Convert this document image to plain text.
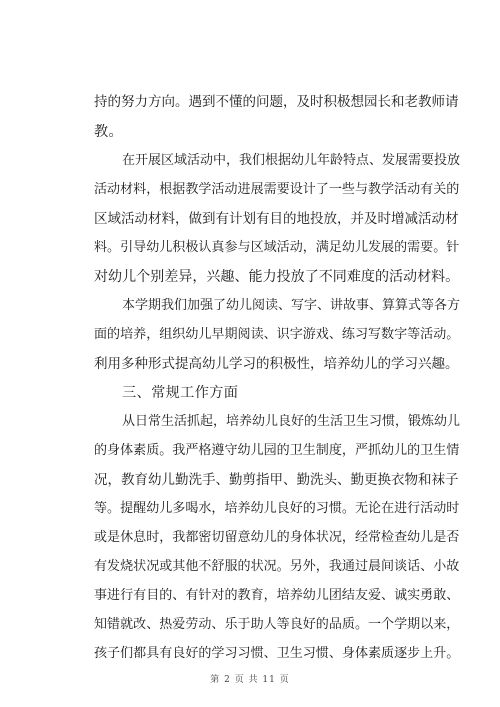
持的努力方向。遇到不懂的问题，及时积极想园长和老教师请
教。
在开展区域活动中，我们根据幼儿年龄特点、发展需要投放
活动材料，根据教学活动进展需要设计了一些与教学活动有关的
区域活动材料，做到有计划有目的地投放，并及时增减活动材
料。引导幼儿积极认真参与区域活动，满足幼儿发展的需要。针
对幼儿个别差异，兴趣、能力投放了不同难度的活动材料。
本学期我们加强了幼儿阅读、写字、讲故事、算算式等各方
面的培养，组织幼儿早期阅读、识字游戏、练习写数字等活动。
利用多种形式提高幼儿学习的积极性，培养幼儿的学习兴趣。
三、常规工作方面
从日常生活抓起，培养幼儿良好的生活卫生习惯，锻炼幼儿
的身体素质。我严格遵守幼儿园的卫生制度，严抓幼儿的卫生情
况，教育幼儿勤洗手、勤剪指甲、勤洗头、勤更换衣物和袜子
等。提醒幼儿多喝水，培养幼儿良好的习惯。无论在进行活动时
或是休息时，我都密切留意幼儿的身体状况，经常检查幼儿是否
有发烧状况或其他不舒服的状况。另外，我通过晨间谈话、小故
事进行有目的、有针对的教育，培养幼儿团结友爱、诚实勇敢、
知错就改、热爱劳动、乐于助人等良好的品质。一个学期以来，
孩子们都具有良好的学习习惯、卫生习惯、身体素质逐步上升。
第 2 页 共 11 页
